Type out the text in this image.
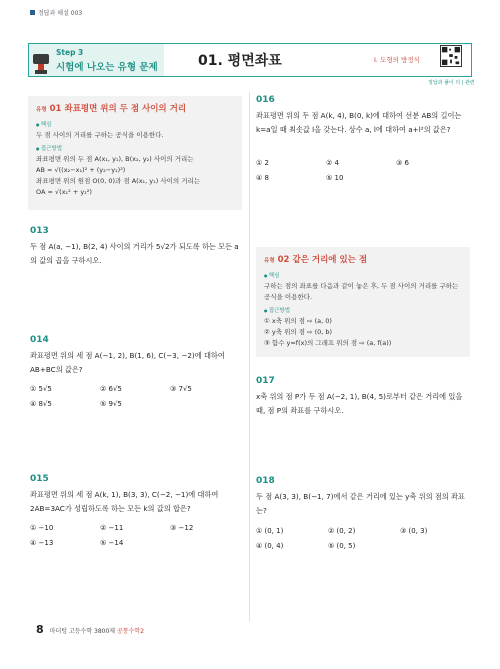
정답과 해설 003
Step 3
시험에 나오는 유형 문제	01. 평면좌표	Ⅰ. 도형의 방정식
정답과 풀이 의 | 관련
유형 01 좌표평면 위의 두 점 사이의 거리
● 핵심
두 점 사이의 거리를 구하는 공식을 이용한다.
● 접근방법
좌표평면 위의 두 점 A(x₁, y₁), B(x₂, y₂) 사이의 거리는
AB = √((x₂−x₁)² + (y₂−y₁)²)
좌표평면 위의 원점 O(0, 0)과 점 A(x₁, y₁) 사이의 거리는
OA = √(x₁² + y₁²)
013
두 점 A(a, −1), B(2, 4) 사이의 거리가 5√2가 되도록 하는 모든 a의 값의 곱을 구하시오.
014
좌표평면 위의 세 점 A(−1, 2), B(1, 6), C(−3, −2)에 대하여 AB+BC의 값은?
① 5√5	② 6√5	③ 7√5
④ 8√5	⑤ 9√5
015
좌표평면 위의 세 점 A(k, 1), B(3, 3), C(−2, −1)에 대하여 2AB=3AC가 성립하도록 하는 모든 k의 값의 합은?
① −10	② −11	③ −12
④ −13	⑤ −14
016
좌표평면 위의 두 점 A(k, 4), B(0, k)에 대하여 선분 AB의 길이는 k=a일 때 최솟값 l을 갖는다. 상수 a, l에 대하여 a+l²의 값은?
① 2	② 4	③ 6
④ 8	⑤ 10
유형 02 같은 거리에 있는 점
● 핵심
구하는 점의 좌표를 다음과 같이 놓은 후, 두 점 사이의 거리를 구하는 공식을 이용한다.
● 접근방법
① x축 위의 점 ⇨ (a, 0)
② y축 위의 점 ⇨ (0, b)
③ 함수 y=f(x)의 그래프 위의 점 ⇨ (a, f(a))
017
x축 위의 점 P가 두 점 A(−2, 1), B(4, 5)로부터 같은 거리에 있을 때, 점 P의 좌표를 구하시오.
018
두 점 A(3, 3), B(−1, 7)에서 같은 거리에 있는 y축 위의 점의 좌표는?
① (0, 1)	② (0, 2)	③ (0, 3)
④ (0, 4)	⑤ (0, 5)
8 마더텅 고등수학 3800제 공통수학2
